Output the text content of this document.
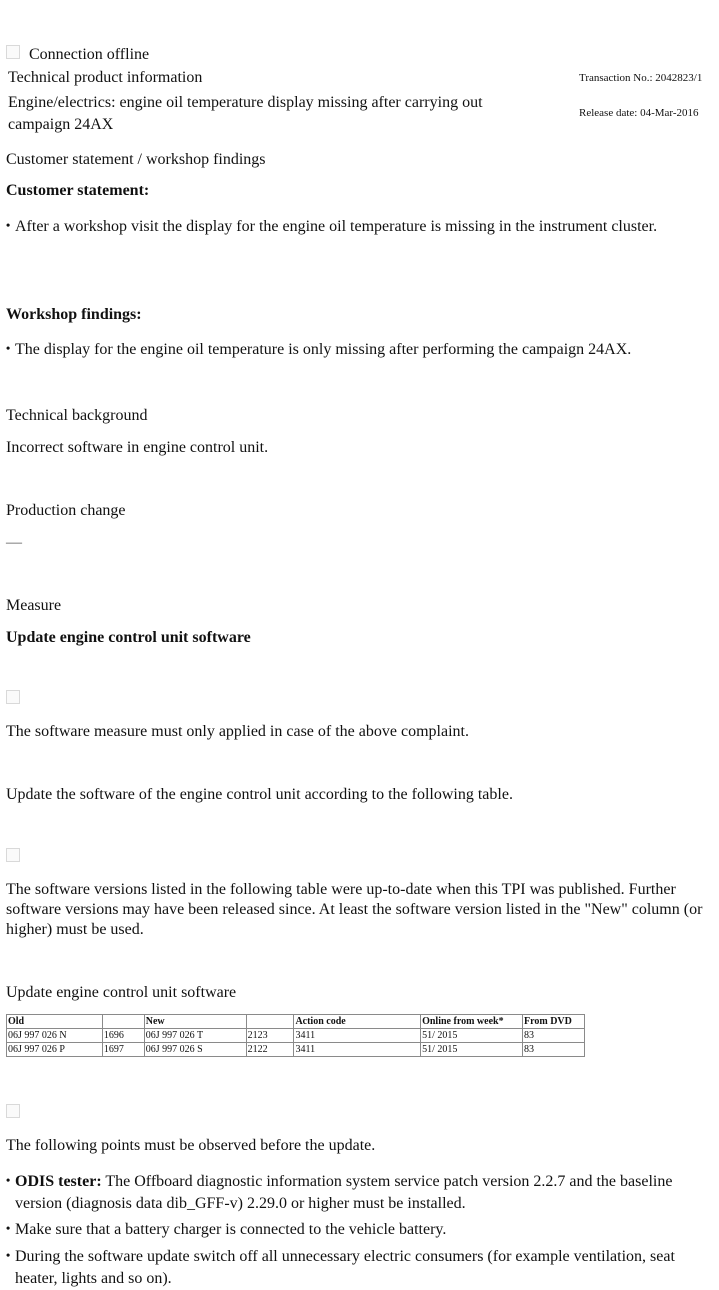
Connection offline
Technical product information
Engine/electrics: engine oil temperature display missing after carrying out campaign 24AX
Transaction No.: 2042823/1
Release date: 04-Mar-2016
Customer statement / workshop findings
Customer statement:
• After a workshop visit the display for the engine oil temperature is missing in the instrument cluster.
Workshop findings:
• The display for the engine oil temperature is only missing after performing the campaign 24AX.
Technical background
Incorrect software in engine control unit.
Production change
—
Measure
Update engine control unit software
The software measure must only applied in case of the above complaint.
Update the software of the engine control unit according to the following table.
The software versions listed in the following table were up-to-date when this TPI was published. Further software versions may have been released since. At least the software version listed in the "New" column (or higher) must be used.
Update engine control unit software
Old		New		Action code	Online from week*	From DVD
06J 997 026 N	1696	06J 997 026 T	2123	3411	51/ 2015	83
06J 997 026 P	1697	06J 997 026 S	2122	3411	51/ 2015	83
The following points must be observed before the update.
• ODIS tester: The Offboard diagnostic information system service patch version 2.2.7 and the baseline version (diagnosis data dib_GFF-v) 2.29.0 or higher must be installed.
• Make sure that a battery charger is connected to the vehicle battery.
• During the software update switch off all unnecessary electric consumers (for example ventilation, seat heater, lights and so on).
